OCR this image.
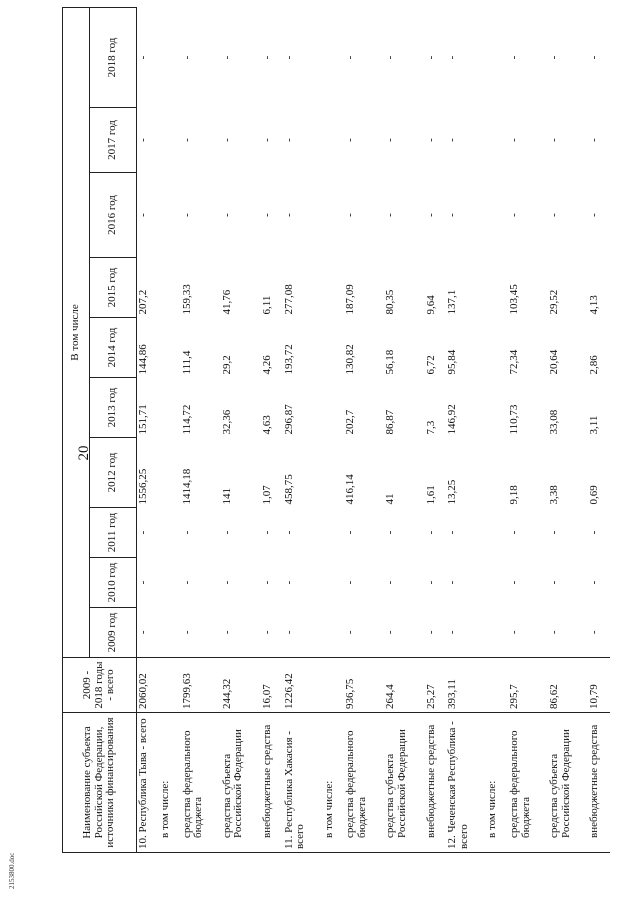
2153800.doc
20
Наименование субъекта Российской Федерации, источники финансирования	2009 - 2018 годы - всего	В том числе									
		2009 год	2010 год	2011 год	2012 год	2013 год	2014 год	2015 год	2016 год	2017 год	2018 год
10. Республика Тыва - всего	2060,02	-	-	-	1556,25	151,71	144,86	207,2	-	-	-
в том числе:											
средства федерального бюджета	1799,63	-	-	-	1414,18	114,72	111,4	159,33	-	-	-
средства субъекта Российской Федерации	244,32	-	-	-	141	32,36	29,2	41,76	-	-	-
внебюджетные средства	16,07	-	-	-	1,07	4,63	4,26	6,11	-	-	-
11. Республика Хакасия - всего	1226,42	-	-	-	458,75	296,87	193,72	277,08	-	-	-
в том числе:											
средства федерального бюджета	936,75	-	-	-	416,14	202,7	130,82	187,09	-	-	-
средства субъекта Российской Федерации	264,4	-	-	-	41	86,87	56,18	80,35	-	-	-
внебюджетные средства	25,27	-	-	-	1,61	7,3	6,72	9,64	-	-	-
12. Чеченская Республика - всего	393,11	-	-	-	13,25	146,92	95,84	137,1	-	-	-
в том числе:											
средства федерального бюджета	295,7	-	-	-	9,18	110,73	72,34	103,45	-	-	-
средства субъекта Российской Федерации	86,62	-	-	-	3,38	33,08	20,64	29,52	-	-	-
внебюджетные средства	10,79	-	-	-	0,69	3,11	2,86	4,13	-	-	-
